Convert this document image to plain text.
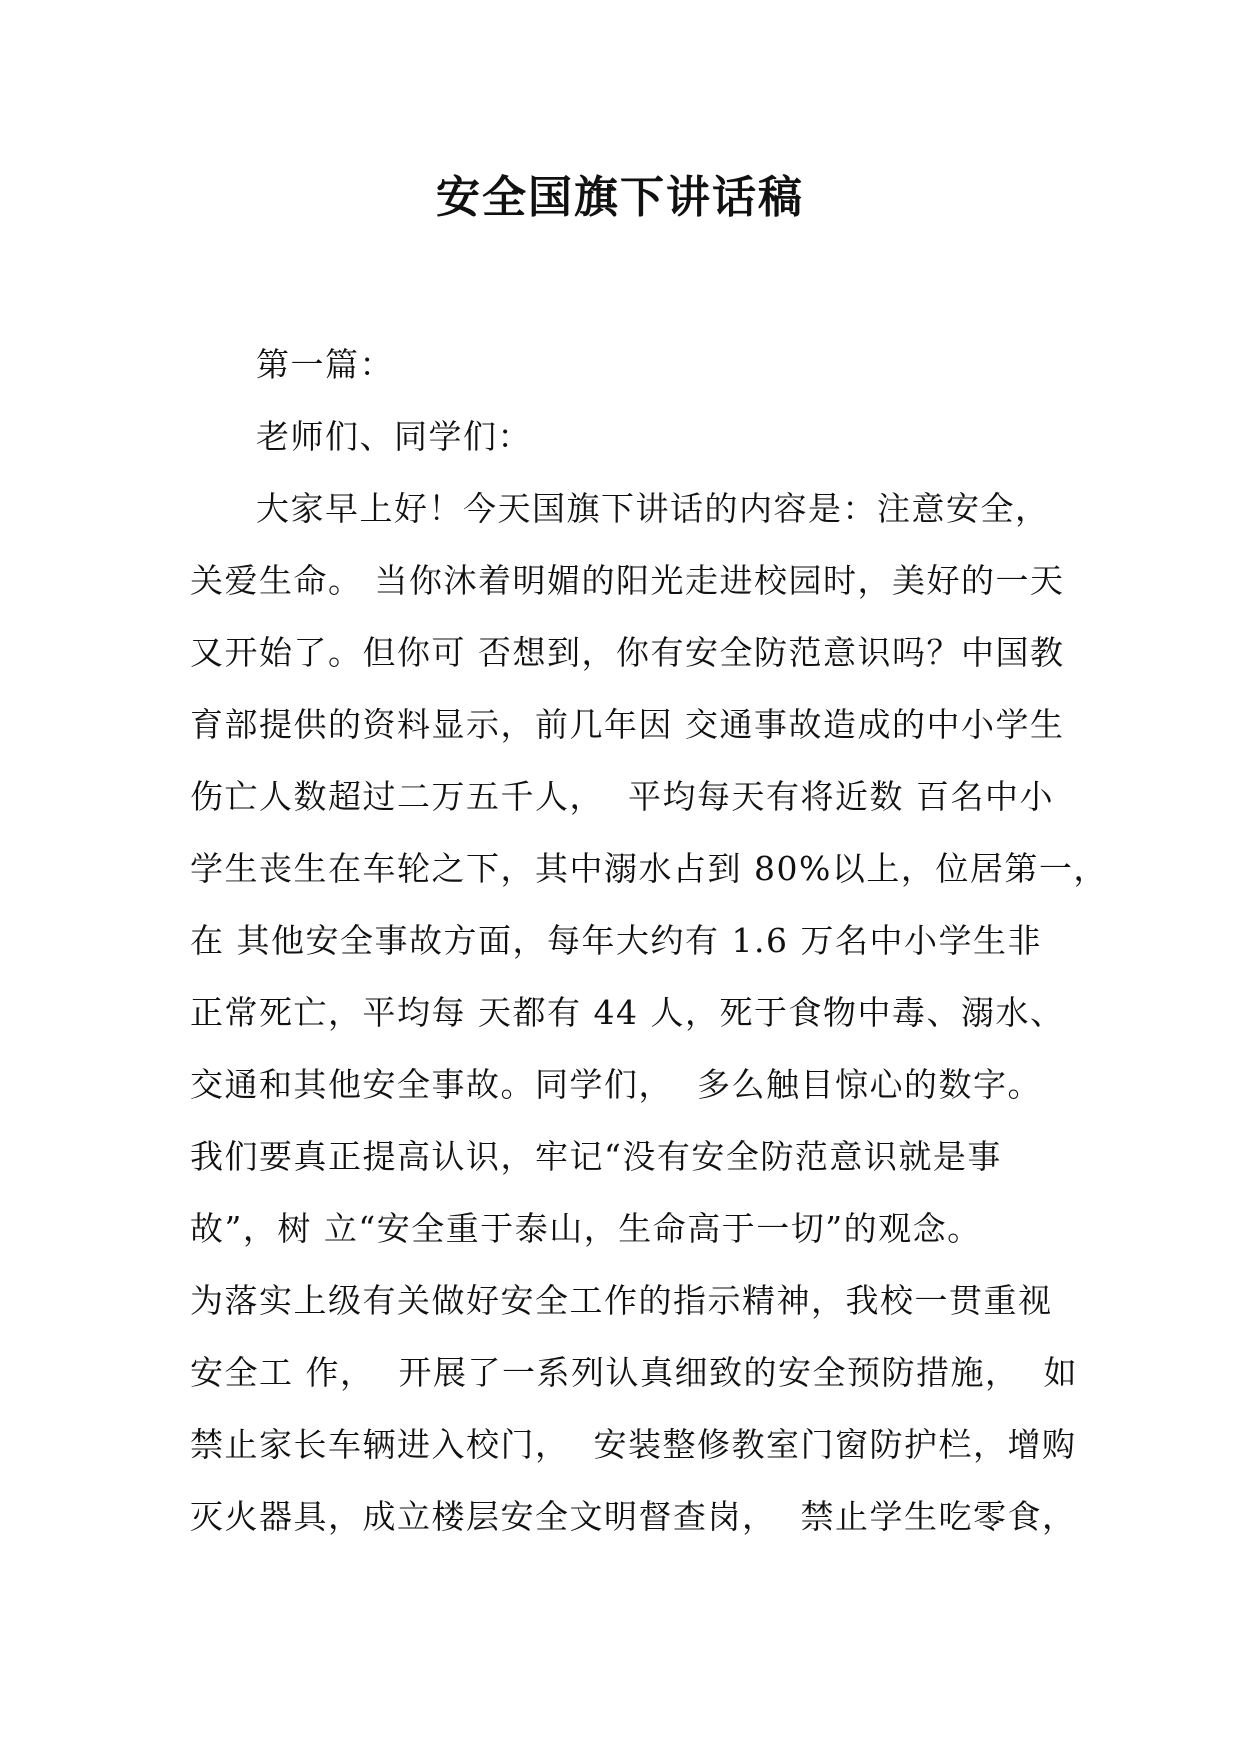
安全国旗下讲话稿

第一篇：

老师们、同学们：

大家早上好！今天国旗下讲话的内容是：注意安全，

关爱生命。 当你沐着明媚的阳光走进校园时，美好的一天

又开始了。但你可 否想到，你有安全防范意识吗？中国教

育部提供的资料显示，前几年因 交通事故造成的中小学生

伤亡人数超过二万五千人，  平均每天有将近数 百名中小

学生丧生在车轮之下，其中溺水占到 80%以上，位居第一，

在 其他安全事故方面，每年大约有 1.6 万名中小学生非

正常死亡，平均每 天都有 44 人，死于食物中毒、溺水、

交通和其他安全事故。同学们，  多么触目惊心的数字。

我们要真正提高认识，牢记“没有安全防范意识就是事

故”，树 立“安全重于泰山，生命高于一切”的观念。

为落实上级有关做好安全工作的指示精神，我校一贯重视

安全工 作，  开展了一系列认真细致的安全预防措施，  如

禁止家长车辆进入校门，  安装整修教室门窗防护栏，增购

灭火器具，成立楼层安全文明督查岗，  禁止学生吃零食，
